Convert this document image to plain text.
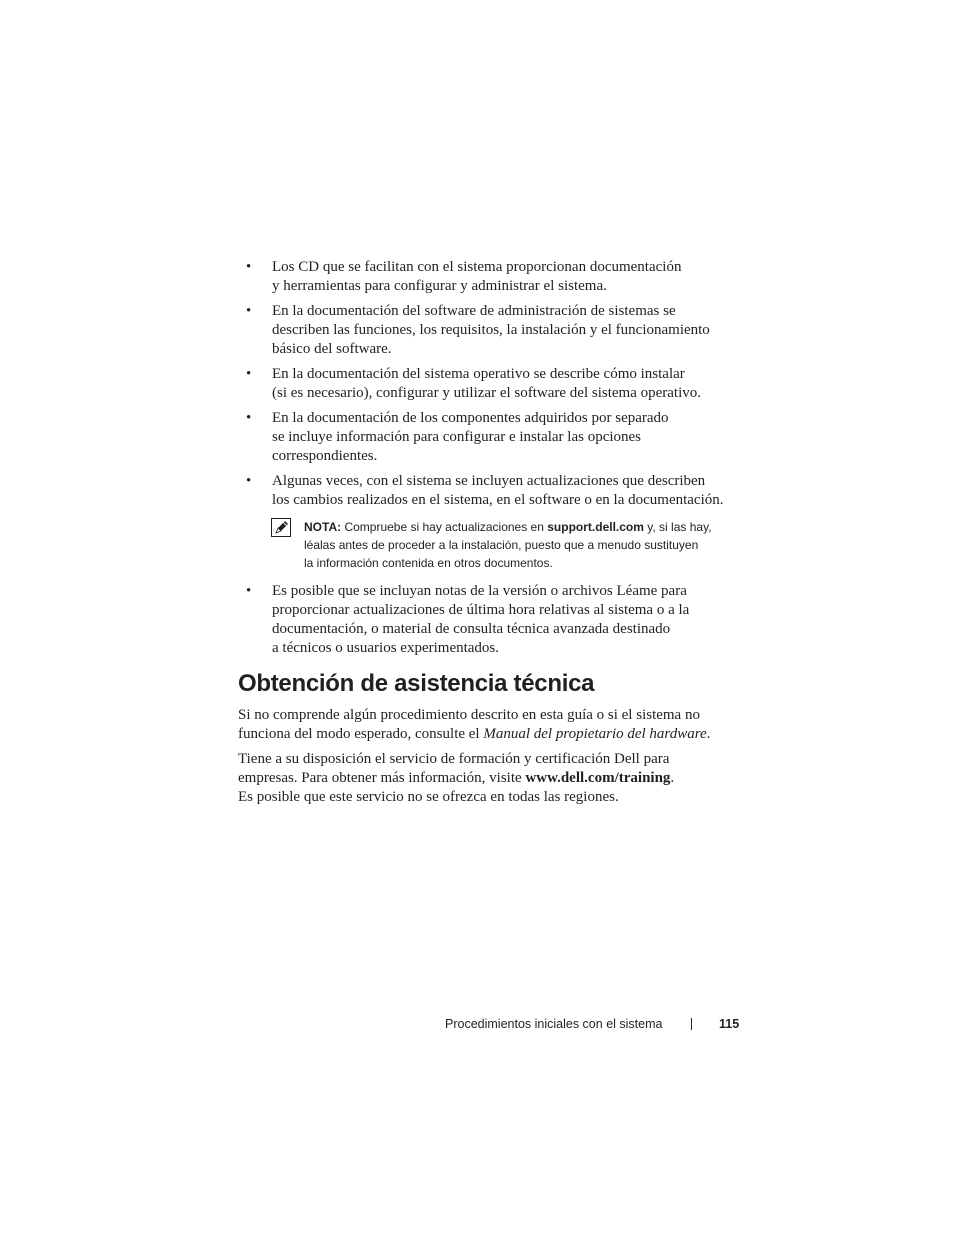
• Los CD que se facilitan con el sistema proporcionan documentación
y herramientas para configurar y administrar el sistema.
• En la documentación del software de administración de sistemas se
describen las funciones, los requisitos, la instalación y el funcionamiento
básico del software.
• En la documentación del sistema operativo se describe cómo instalar
(si es necesario), configurar y utilizar el software del sistema operativo.
• En la documentación de los componentes adquiridos por separado
se incluye información para configurar e instalar las opciones
correspondientes.
• Algunas veces, con el sistema se incluyen actualizaciones que describen
los cambios realizados en el sistema, en el software o en la documentación.
NOTA: Compruebe si hay actualizaciones en support.dell.com y, si las hay,
léalas antes de proceder a la instalación, puesto que a menudo sustituyen
la información contenida en otros documentos.
• Es posible que se incluyan notas de la versión o archivos Léame para
proporcionar actualizaciones de última hora relativas al sistema o a la
documentación, o material de consulta técnica avanzada destinado
a técnicos o usuarios experimentados.
Obtención de asistencia técnica

Si no comprende algún procedimiento descrito en esta guía o si el sistema no
funciona del modo esperado, consulte el Manual del propietario del hardware.

Tiene a su disposición el servicio de formación y certificación Dell para
empresas. Para obtener más información, visite www.dell.com/training.
Es posible que este servicio no se ofrezca en todas las regiones.

Procedimientos iniciales con el sistema	115
